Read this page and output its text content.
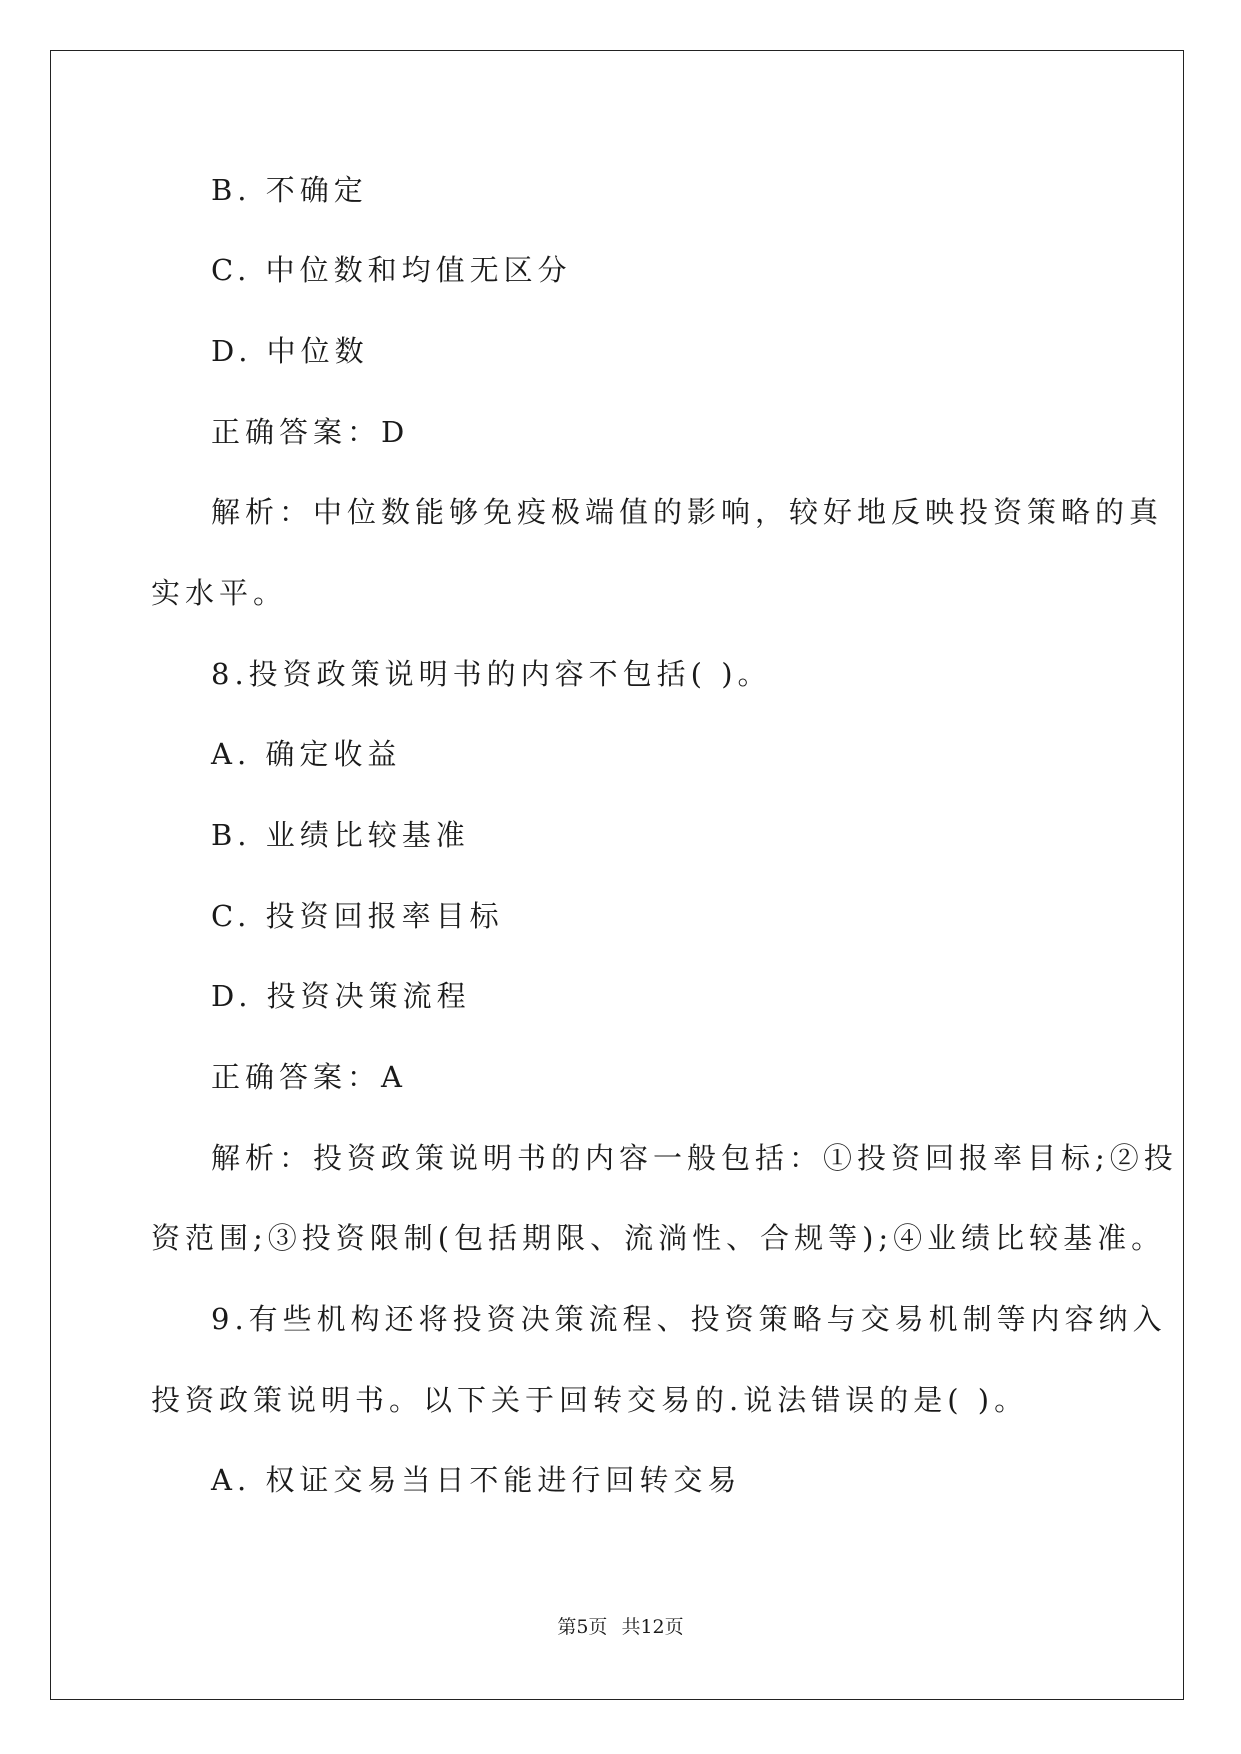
B. 不确定
C. 中位数和均值无区分
D. 中位数
正确答案：D
解析：中位数能够免疫极端值的影响，较好地反映投资策略的真
实水平。
8.投资政策说明书的内容不包括( )。
A. 确定收益
B. 业绩比较基准
C. 投资回报率目标
D. 投资决策流程
正确答案：A
解析：投资政策说明书的内容一般包括：①投资回报率目标;②投
资范围;③投资限制(包括期限、流淌性、合规等);④业绩比较基准。
9.有些机构还将投资决策流程、投资策略与交易机制等内容纳入
投资政策说明书。以下关于回转交易的.说法错误的是( )。
A. 权证交易当日不能进行回转交易
第5页 共12页
